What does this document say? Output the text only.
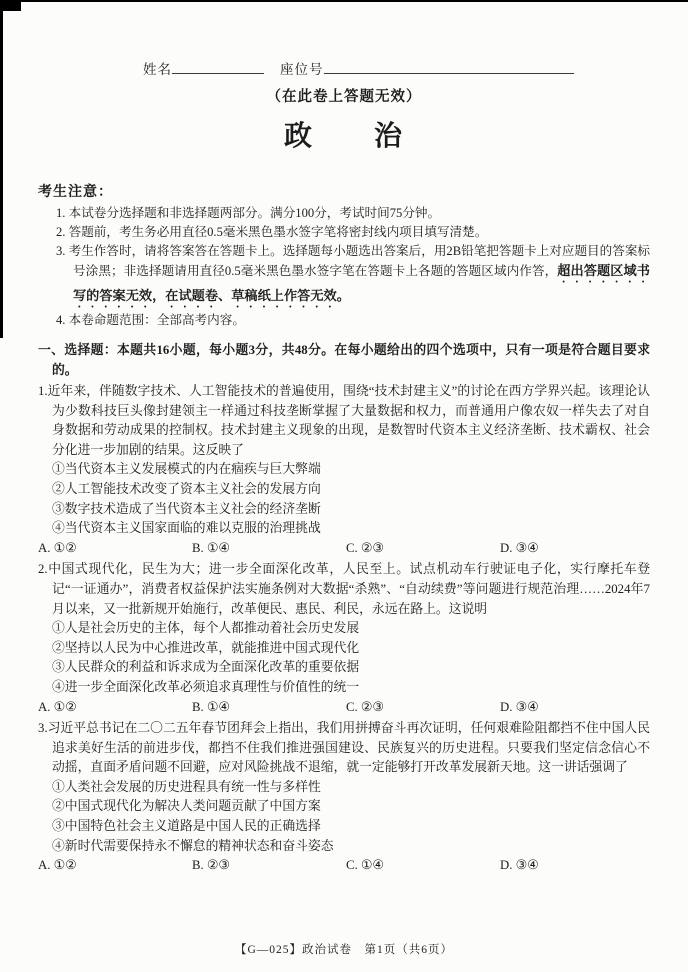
姓名	座位号
（在此卷上答题无效）
政　　治
考生注意：
1. 本试卷分选择题和非选择题两部分。满分100分，考试时间75分钟。
2. 答题前，考生务必用直径0.5毫米黑色墨水签字笔将密封线内项目填写清楚。
3. 考生作答时，请将答案答在答题卡上。选择题每小题选出答案后，用2B铅笔把答题卡上对应题目的答案标号涂黑；非选择题请用直径0.5毫米黑色墨水签字笔在答题卡上各题的答题区域内作答，超出答题区域书写的答案无效，在试题卷、草稿纸上作答无效。
4. 本卷命题范围：全部高考内容。
一、选择题：本题共16小题，每小题3分，共48分。在每小题给出的四个选项中，只有一项是符合题目要求的。

1.近年来，伴随数字技术、人工智能技术的普遍使用，围绕“技术封建主义”的讨论在西方学界兴起。该理论认为少数科技巨头像封建领主一样通过科技垄断掌握了大量数据和权力，而普通用户像农奴一样失去了对自身数据和劳动成果的控制权。技术封建主义现象的出现，是数智时代资本主义经济垄断、技术霸权、社会分化进一步加剧的结果。这反映了

①当代资本主义发展模式的内在痼疾与巨大弊端
②人工智能技术改变了资本主义社会的发展方向
③数字技术造成了当代资本主义社会的经济垄断
④当代资本主义国家面临的难以克服的治理挑战
A. ①②	B. ①④	C. ②③	D. ③④

2.中国式现代化，民生为大；进一步全面深化改革，人民至上。试点机动车行驶证电子化，实行摩托车登记“一证通办”，消费者权益保护法实施条例对大数据“杀熟”、“自动续费”等问题进行规范治理……2024年7月以来，又一批新规开始施行，改革便民、惠民、利民，永远在路上。这说明

①人是社会历史的主体，每个人都推动着社会历史发展
②坚持以人民为中心推进改革，就能推进中国式现代化
③人民群众的利益和诉求成为全面深化改革的重要依据
④进一步全面深化改革必须追求真理性与价值性的统一
A. ①②	B. ①④	C. ②③	D. ③④

3.习近平总书记在二〇二五年春节团拜会上指出，我们用拼搏奋斗再次证明，任何艰难险阻都挡不住中国人民追求美好生活的前进步伐，都挡不住我们推进强国建设、民族复兴的历史进程。只要我们坚定信念信心不动摇，直面矛盾问题不回避，应对风险挑战不退缩，就一定能够打开改革发展新天地。这一讲话强调了

①人类社会发展的历史进程具有统一性与多样性
②中国式现代化为解决人类问题贡献了中国方案
③中国特色社会主义道路是中国人民的正确选择
④新时代需要保持永不懈怠的精神状态和奋斗姿态
A. ①②	B. ②③	C. ①④	D. ③④
【G—025】政治试卷　第1页（共6页）
